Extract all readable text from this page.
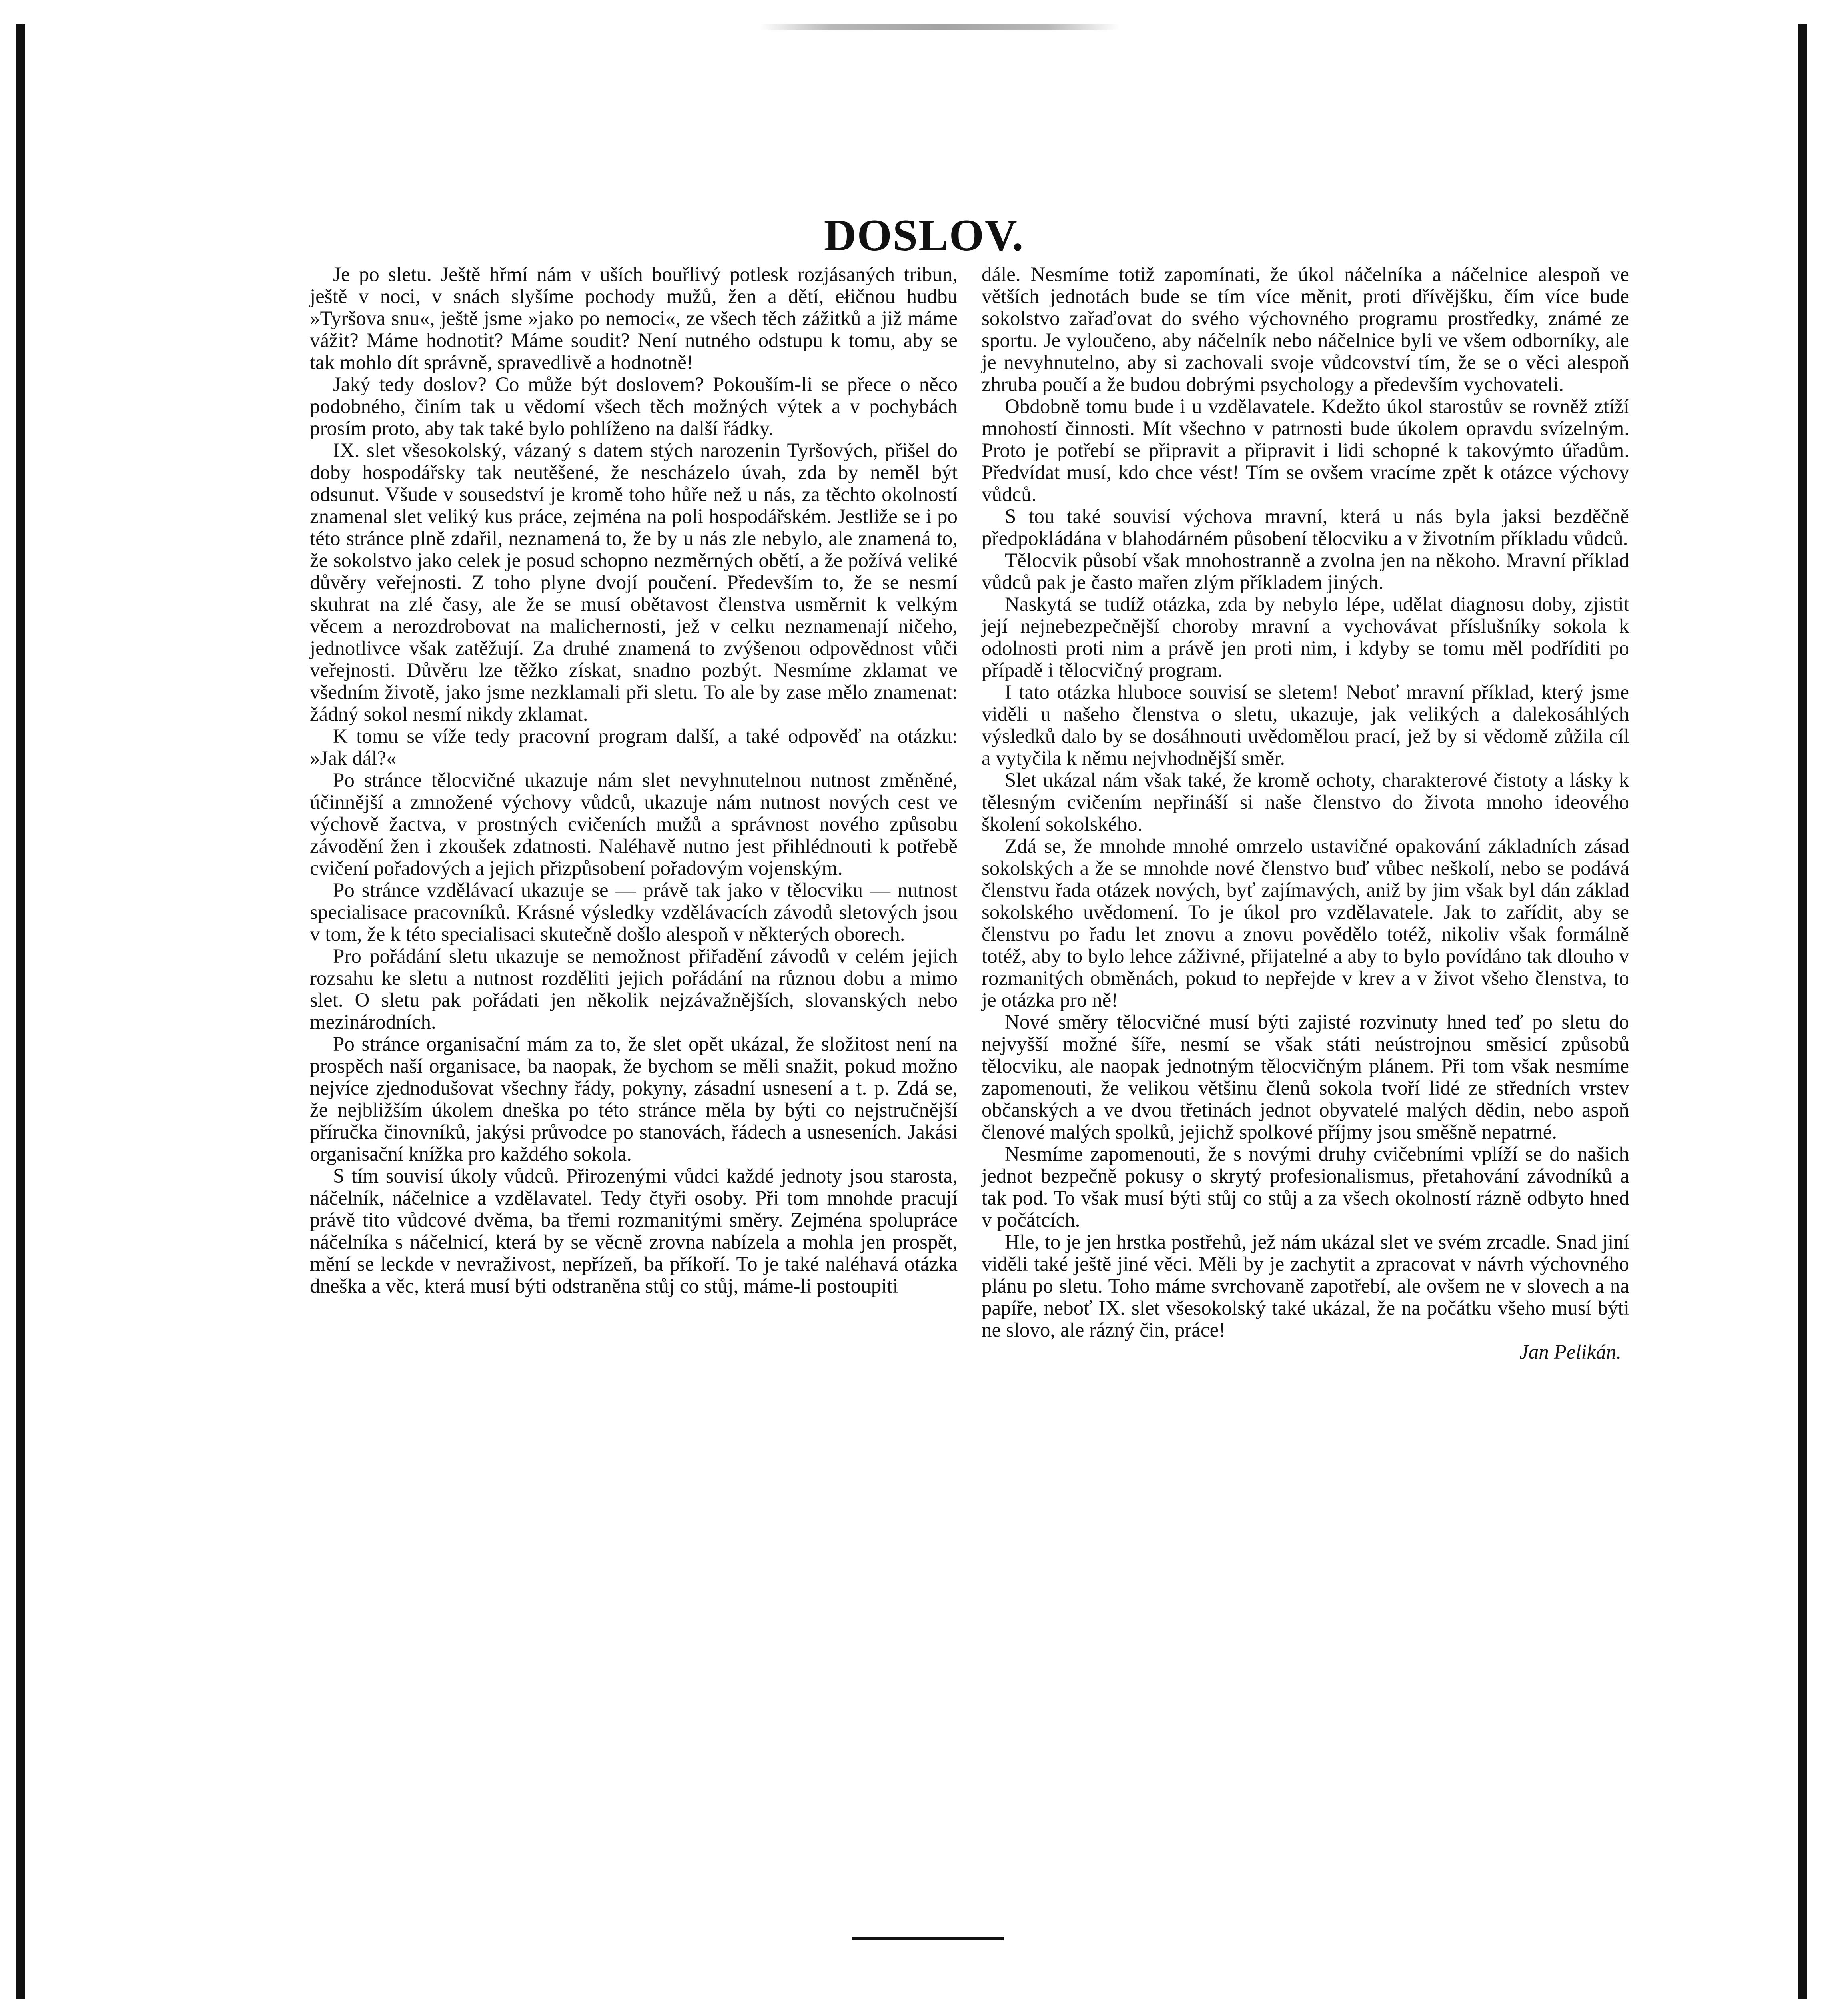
DOSLOV.

Je po sletu. Ještě hřmí nám v uších bouřlivý potlesk rozjásaných tribun, ještě v noci, v snách slyšíme pochody mužů, žen a dětí, ełičnou hudbu »Tyršova snu«, ještě jsme »jako po nemoci«, ze všech těch zážitků a již máme vážit? Máme hodnotit? Máme soudit? Není nutného odstupu k tomu, aby se tak mohlo dít správně, spravedlivě a hodnotně!

Jaký tedy doslov? Co může být doslovem? Pokouším-li se přece o něco podobného, činím tak u vědomí všech těch možných výtek a v pochybách prosím proto, aby tak také bylo pohlíženo na další řádky.

IX. slet všesokolský, vázaný s datem stých narozenin Tyršových, přišel do doby hospodářsky tak neutěšené, že nescházelo úvah, zda by neměl být odsunut. Všude v sousedství je kromě toho hůře než u nás, za těchto okolností znamenal slet veliký kus práce, zejména na poli hospodářském. Jestliže se i po této stránce plně zdařil, neznamená to, že by u nás zle nebylo, ale znamená to, že sokolstvo jako celek je posud schopno nezměrných obětí, a že požívá veliké důvěry veřejnosti. Z toho plyne dvojí poučení. Především to, že se nesmí skuhrat na zlé časy, ale že se musí obětavost členstva usměrnit k velkým věcem a nerozdrobovat na malichernosti, jež v celku neznamenají ničeho, jednotlivce však zatěžují. Za druhé znamená to zvýšenou odpovědnost vůči veřejnosti. Důvěru lze těžko získat, snadno pozbýt. Nesmíme zklamat ve všedním životě, jako jsme nezklamali při sletu. To ale by zase mělo znamenat: žádný sokol nesmí nikdy zklamat.

K tomu se víže tedy pracovní program další, a také odpověď na otázku: »Jak dál?«

Po stránce tělocvičné ukazuje nám slet nevyhnutelnou nutnost změněné, účinnější a zmnožené výchovy vůdců, ukazuje nám nutnost nových cest ve výchově žactva, v prostných cvičeních mužů a správnost nového způsobu závodění žen i zkoušek zdatnosti. Naléhavě nutno jest přihlédnouti k potřebě cvičení pořadových a jejich přizpůsobení pořadovým vojenským.

Po stránce vzdělávací ukazuje se — právě tak jako v tělocviku — nutnost specialisace pracovníků. Krásné výsledky vzdělávacích závodů sletových jsou v tom, že k této specialisaci skutečně došlo alespoň v některých oborech.

Pro pořádání sletu ukazuje se nemožnost přiřadění závodů v celém jejich rozsahu ke sletu a nutnost rozděliti jejich pořádání na různou dobu a mimo slet. O sletu pak pořádati jen několik nejzávažnějších, slovanských nebo mezinárodních.

Po stránce organisační mám za to, že slet opět ukázal, že složitost není na prospěch naší organisace, ba naopak, že bychom se měli snažit, pokud možno nejvíce zjednodušovat všechny řády, pokyny, zásadní usnesení a t. p. Zdá se, že nejbližším úkolem dneška po této stránce měla by býti co nejstručnější příručka činovníků, jakýsi průvodce po stanovách, řádech a usneseních. Jakási organisační knížka pro každého sokola.

S tím souvisí úkoly vůdců. Přirozenými vůdci každé jednoty jsou starosta, náčelník, náčelnice a vzdělavatel. Tedy čtyři osoby. Při tom mnohde pracují právě tito vůdcové dvěma, ba třemi rozmanitými směry. Zejména spolupráce náčelníka s náčelnicí, která by se věcně zrovna nabízela a mohla jen prospět, mění se leckde v nevraživost, nepřízeň, ba příkoří. To je také naléhavá otázka dneška a věc, která musí býti odstraněna stůj co stůj, máme-li postoupiti

dále. Nesmíme totiž zapomínati, že úkol náčelníka a náčelnice alespoň ve větších jednotách bude se tím více měnit, proti dřívějšku, čím více bude sokolstvo zařaďovat do svého výchovného programu prostředky, známé ze sportu. Je vyloučeno, aby náčelník nebo náčelnice byli ve všem odborníky, ale je nevyhnutelno, aby si zachovali svoje vůdcovství tím, že se o věci alespoň zhruba poučí a že budou dobrými psychology a především vychovateli.

Obdobně tomu bude i u vzdělavatele. Kdežto úkol starostův se rovněž ztíží mnohostí činnosti. Mít všechno v patrnosti bude úkolem opravdu svízelným. Proto je potřebí se připravit a připravit i lidi schopné k takovýmto úřadům. Předvídat musí, kdo chce vést! Tím se ovšem vracíme zpět k otázce výchovy vůdců.

S tou také souvisí výchova mravní, která u nás byla jaksi bezděčně předpokládána v blahodárném působení tělocviku a v životním příkladu vůdců.

Tělocvik působí však mnohostranně a zvolna jen na někoho. Mravní příklad vůdců pak je často mařen zlým příkladem jiných.

Naskytá se tudíž otázka, zda by nebylo lépe, udělat diagnosu doby, zjistit její nejnebezpečnější choroby mravní a vychovávat příslušníky sokola k odolnosti proti nim a právě jen proti nim, i kdyby se tomu měl podříditi po případě i tělocvičný program.

I tato otázka hluboce souvisí se sletem! Neboť mravní příklad, který jsme viděli u našeho členstva o sletu, ukazuje, jak velikých a dalekosáhlých výsledků dalo by se dosáhnouti uvědomělou prací, jež by si vědomě zůžila cíl a vytyčila k němu nejvhodnější směr.

Slet ukázal nám však také, že kromě ochoty, charakterové čistoty a lásky k tělesným cvičením nepřináší si naše členstvo do života mnoho ideového školení sokolského.

Zdá se, že mnohde mnohé omrzelo ustavičné opakování základních zásad sokolských a že se mnohde nové členstvo buď vůbec neškolí, nebo se podává členstvu řada otázek nových, byť zajímavých, aniž by jim však byl dán základ sokolského uvědomení. To je úkol pro vzdělavatele. Jak to zařídit, aby se členstvu po řadu let znovu a znovu povědělo totéž, nikoliv však formálně totéž, aby to bylo lehce záživné, přijatelné a aby to bylo povídáno tak dlouho v rozmanitých obměnách, pokud to nepřejde v krev a v život všeho členstva, to je otázka pro ně!

Nové směry tělocvičné musí býti zajisté rozvinuty hned teď po sletu do nejvyšší možné šíře, nesmí se však státi neústrojnou směsicí způsobů tělocviku, ale naopak jednotným tělocvičným plánem. Při tom však nesmíme zapomenouti, že velikou většinu členů sokola tvoří lidé ze středních vrstev občanských a ve dvou třetinách jednot obyvatelé malých dědin, nebo aspoň členové malých spolků, jejichž spolkové příjmy jsou směšně nepatrné.

Nesmíme zapomenouti, že s novými druhy cvičebními vplíží se do našich jednot bezpečně pokusy o skrytý profesionalismus, přetahování závodníků a tak pod. To však musí býti stůj co stůj a za všech okolností rázně odbyto hned v počátcích.

Hle, to je jen hrstka postřehů, jež nám ukázal slet ve svém zrcadle. Snad jiní viděli také ještě jiné věci. Měli by je zachytit a zpracovat v návrh výchovného plánu po sletu. Toho máme svrchovaně zapotřebí, ale ovšem ne v slovech a na papíře, neboť IX. slet všesokolský také ukázal, že na počátku všeho musí býti ne slovo, ale rázný čin, práce!

Jan Pelikán.
